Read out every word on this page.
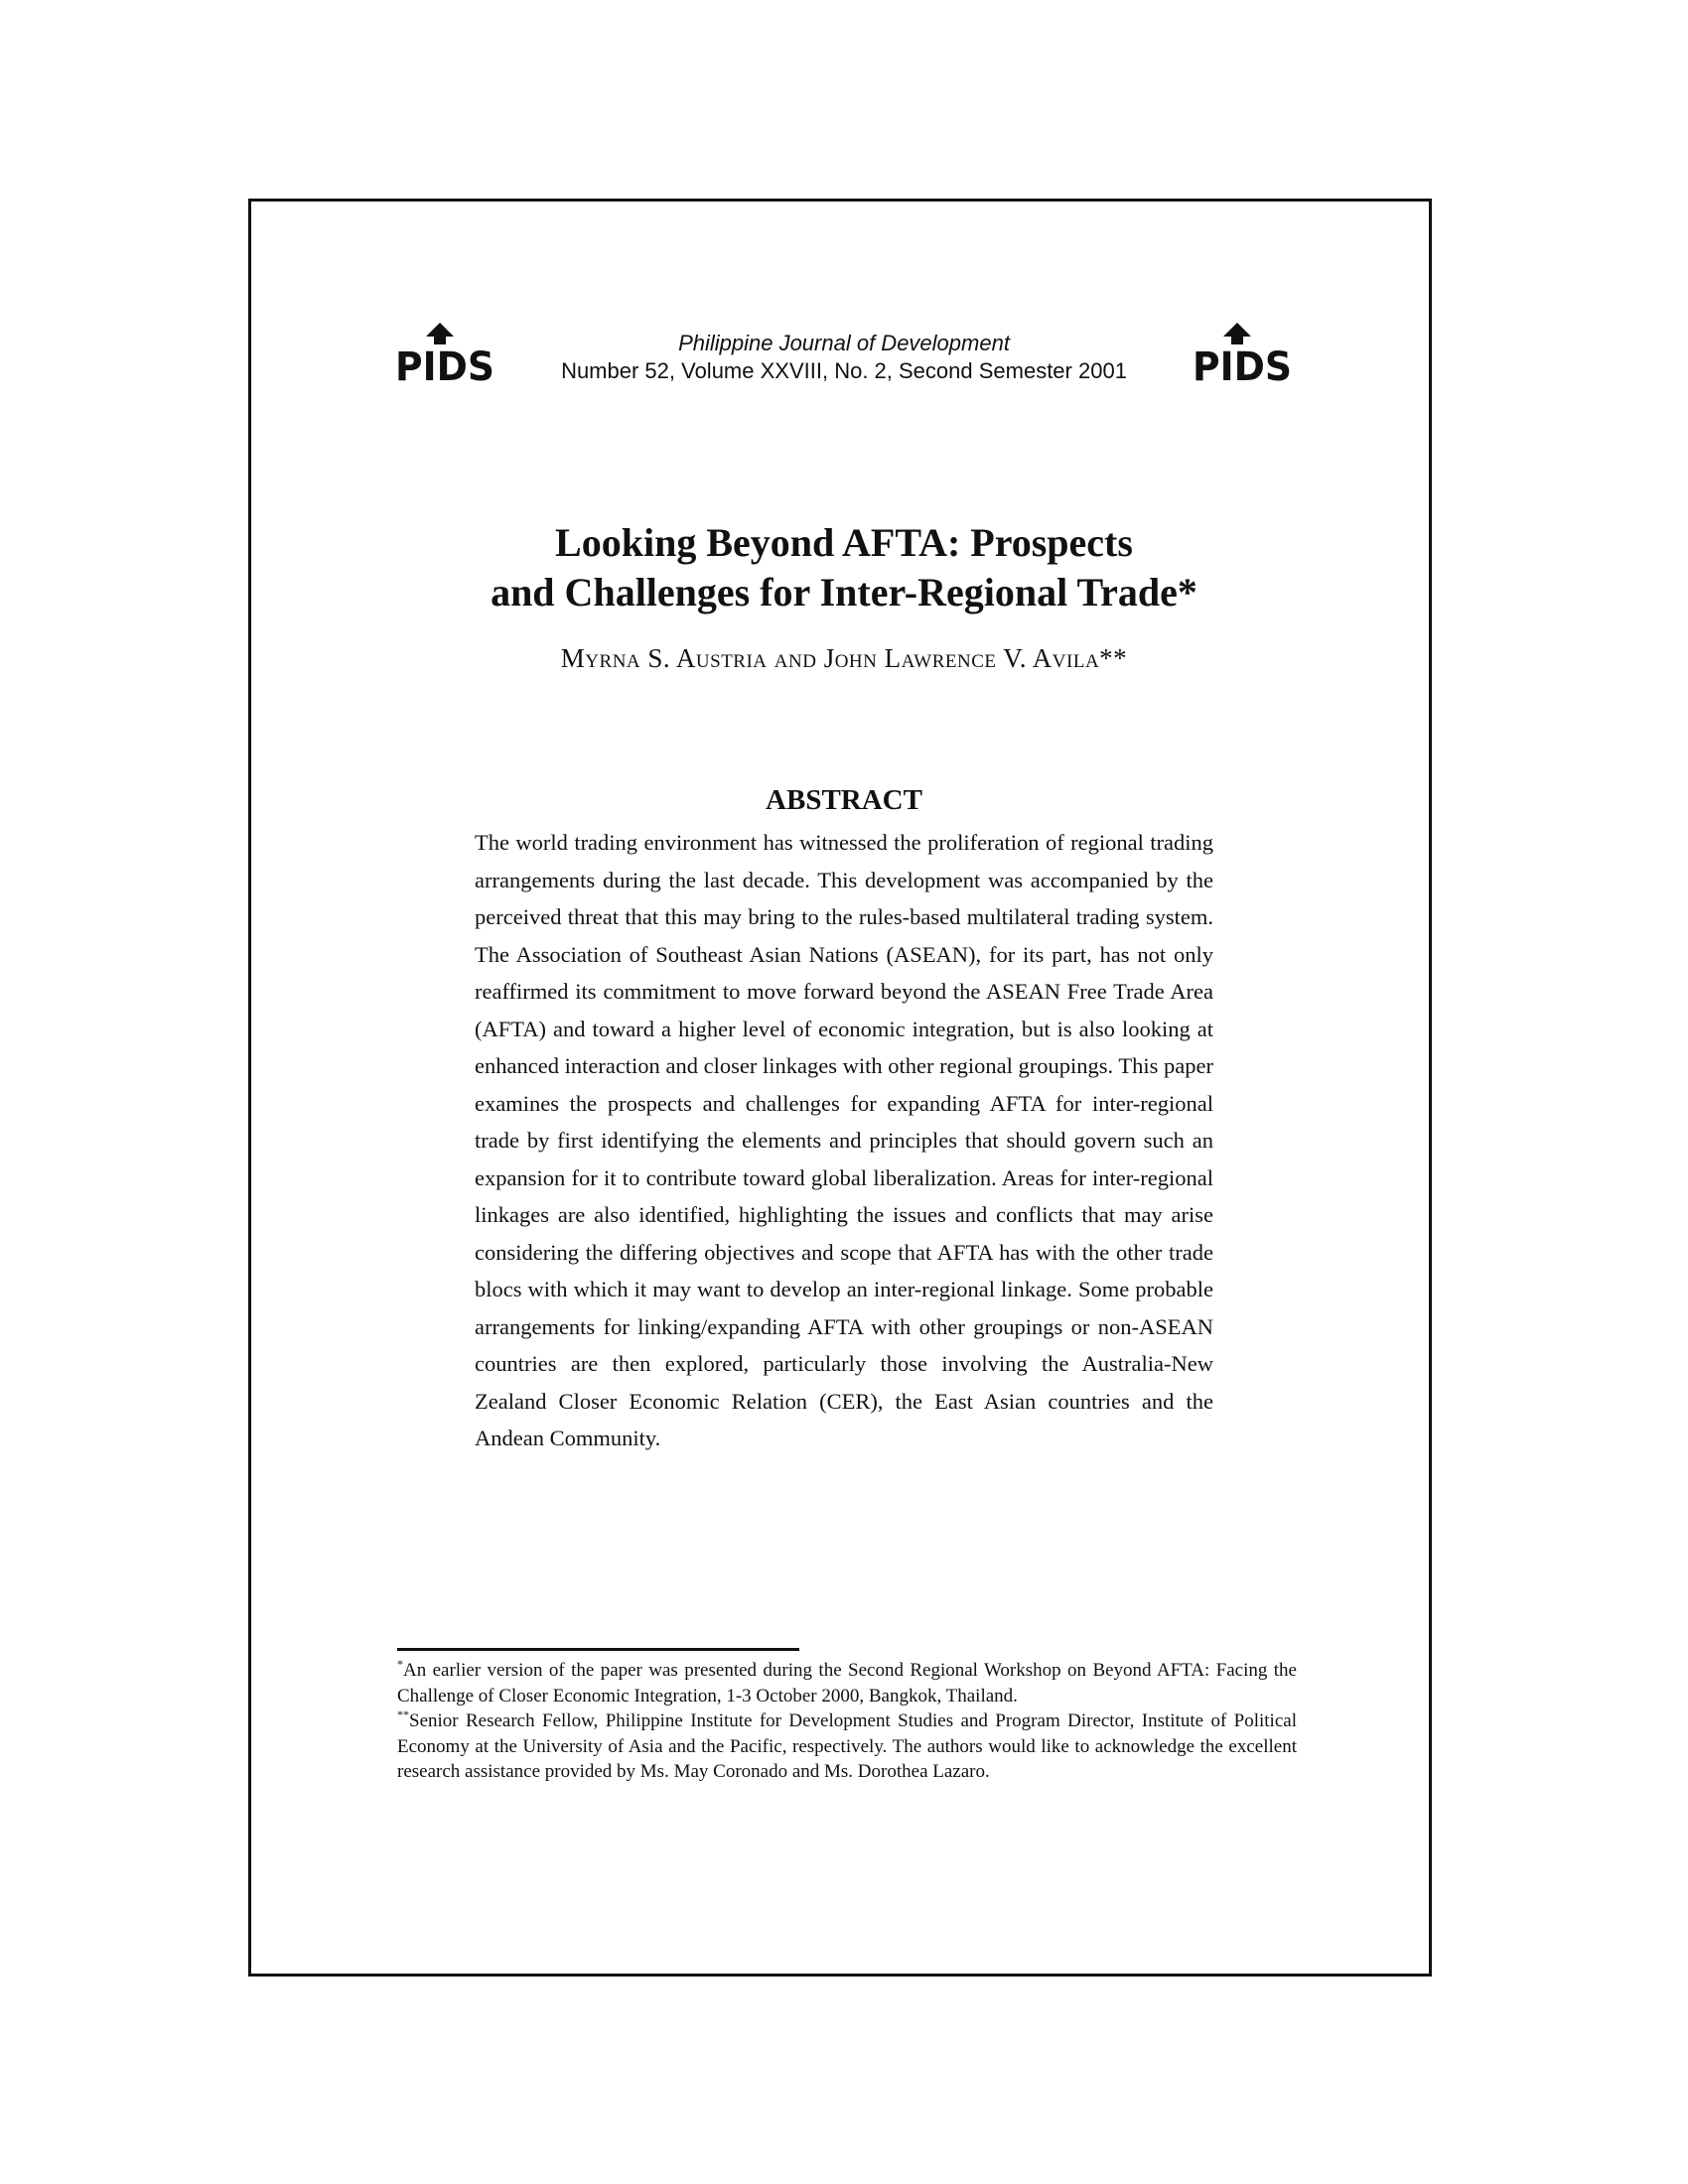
PIDS
Philippine Journal of Development
Number 52, Volume XXVIII, No. 2, Second Semester 2001	PIDS
Looking Beyond AFTA: Prospects
and Challenges for Inter-Regional Trade*
Myrna S. Austria and John Lawrence V. Avila**
ABSTRACT
The world trading environment has witnessed the proliferation of regional trading arrangements during the last decade. This development was accompanied by the perceived threat that this may bring to the rules-based multilateral trading system. The Association of Southeast Asian Nations (ASEAN), for its part, has not only reaffirmed its commitment to move forward beyond the ASEAN Free Trade Area (AFTA) and toward a higher level of economic integration, but is also looking at enhanced interaction and closer linkages with other regional groupings. This paper examines the prospects and challenges for expanding AFTA for inter-regional trade by first identifying the elements and principles that should govern such an expansion for it to contribute toward global liberalization. Areas for inter-regional linkages are also identified, highlighting the issues and conflicts that may arise considering the differing objectives and scope that AFTA has with the other trade blocs with which it may want to develop an inter-regional linkage. Some probable arrangements for linking/expanding AFTA with other groupings or non-ASEAN countries are then explored, particularly those involving the Australia-New Zealand Closer Economic Relation (CER), the East Asian countries and the Andean Community.

*An earlier version of the paper was presented during the Second Regional Workshop on Beyond AFTA: Facing the Challenge of Closer Economic Integration, 1-3 October 2000, Bangkok, Thailand.

**Senior Research Fellow, Philippine Institute for Development Studies and Program Director, Institute of Political Economy at the University of Asia and the Pacific, respectively. The authors would like to acknowledge the excellent research assistance provided by Ms. May Coronado and Ms. Dorothea Lazaro.
